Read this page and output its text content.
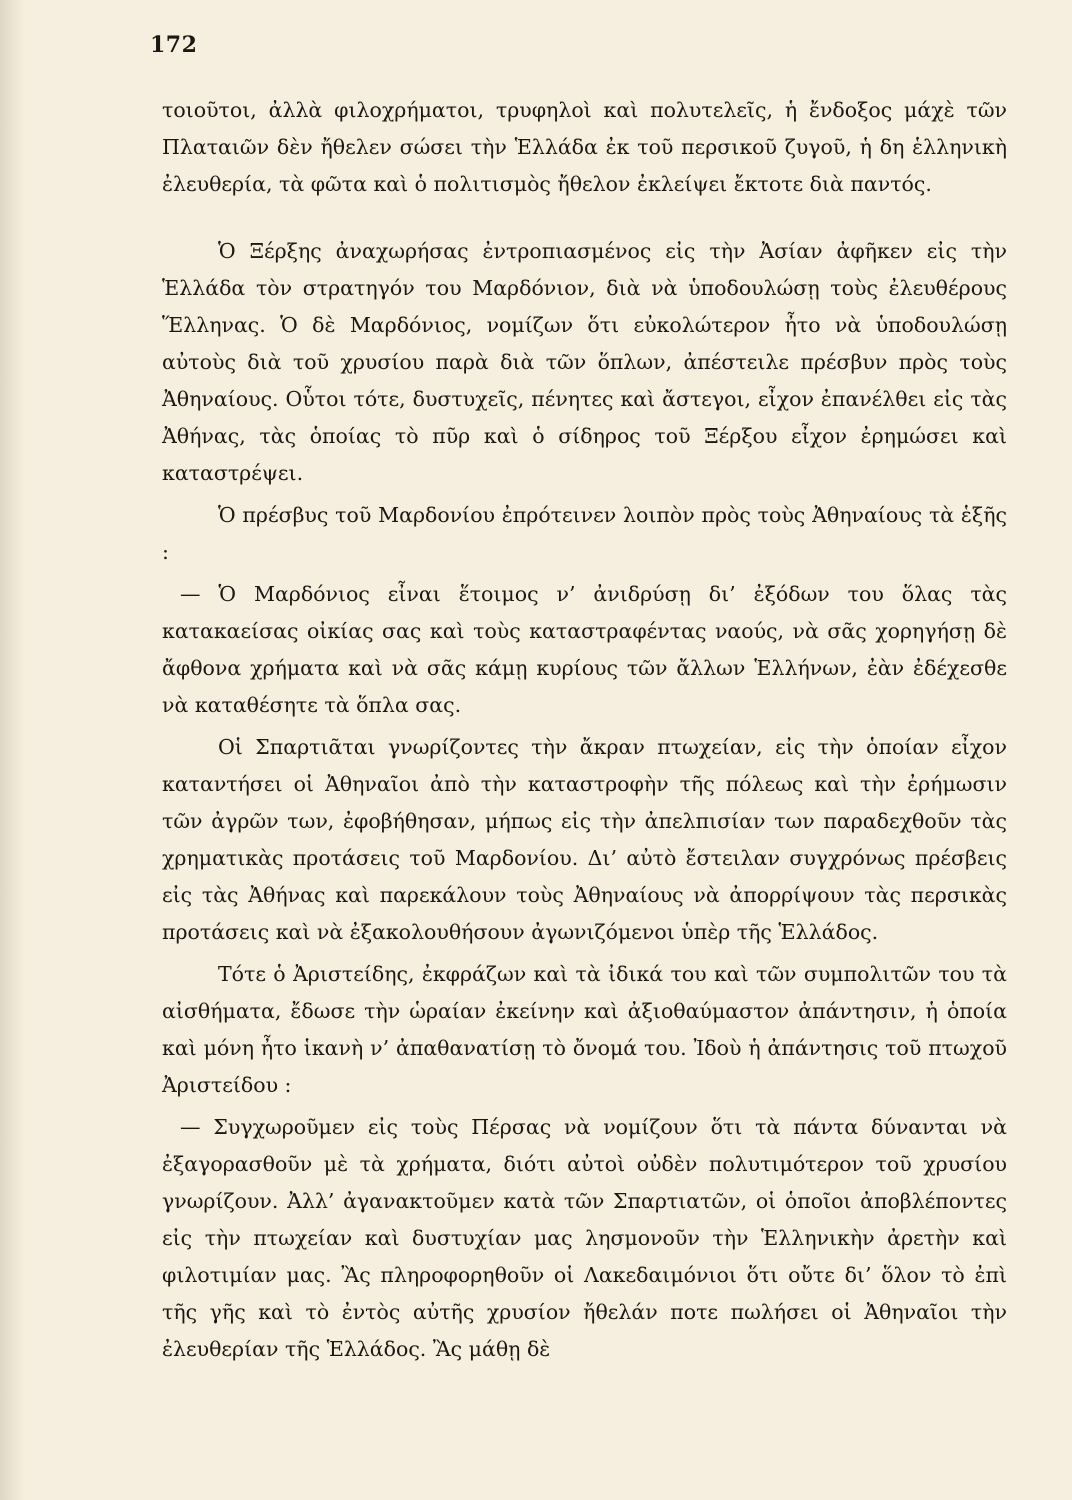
172

τοιοῦτοι, ἀλλὰ φιλοχρήματοι, τρυφηλοὶ καὶ πολυτελεῖς, ἡ ἔνδοξος μάχὲ τῶν Πλαταιῶν δὲν ἤθελεν σώσει τὴν Ἑλλάδα ἐκ τοῦ περσικοῦ ζυγοῦ, ἡ δη ἑλληνικὴ ἐλευθερία, τὰ φῶτα καὶ ὁ πολιτισμὸς ἤθελον ἐκλείψει ἔκτοτε διὰ παντός.

Ὁ Ξέρξης ἀναχωρήσας ἐντροπιασμένος εἰς τὴν Ἀσίαν ἀφῆκεν εἰς τὴν Ἑλλάδα τὸν στρατηγόν του Μαρδόνιον, διὰ νὰ ὑποδουλώσῃ τοὺς ἐλευθέρους Ἕλληνας. Ὁ δὲ Μαρδόνιος, νομίζων ὅτι εὐκολώτερον ἦτο νὰ ὑποδουλώσῃ αὐτοὺς διὰ τοῦ χρυσίου παρὰ διὰ τῶν ὅπλων, ἀπέστειλε πρέσβυν πρὸς τοὺς Ἀθηναίους. Οὗτοι τότε, δυστυχεῖς, πένητες καὶ ἄστεγοι, εἶχον ἐπανέλθει εἰς τὰς Ἀθήνας, τὰς ὁποίας τὸ πῦρ καὶ ὁ σίδηρος τοῦ Ξέρξου εἶχον ἐρημώσει καὶ καταστρέψει.

Ὁ πρέσβυς τοῦ Μαρδονίου ἐπρότεινεν λοιπὸν πρὸς τοὺς Ἀθηναίους τὰ ἑξῆς :

— Ὁ Μαρδόνιος εἶναι ἕτοιμος ν’ ἀνιδρύσῃ δι’ ἐξόδων του ὅλας τὰς κατακαείσας οἰκίας σας καὶ τοὺς καταστραφέντας ναούς, νὰ σᾶς χορηγήσῃ δὲ ἄφθονα χρήματα καὶ νὰ σᾶς κάμῃ κυρίους τῶν ἄλλων Ἑλλήνων, ἐὰν ἐδέχεσθε νὰ καταθέσητε τὰ ὅπλα σας.

Οἱ Σπαρτιᾶται γνωρίζοντες τὴν ἄκραν πτωχείαν, εἰς τὴν ὁποίαν εἶχον καταντήσει οἱ Ἀθηναῖοι ἀπὸ τὴν καταστροφὴν τῆς πόλεως καὶ τὴν ἐρήμωσιν τῶν ἀγρῶν των, ἐφοβήθησαν, μήπως εἰς τὴν ἀπελπισίαν των παραδεχθοῦν τὰς χρηματικὰς προτάσεις τοῦ Μαρδονίου. Δι’ αὐτὸ ἔστειλαν συγχρόνως πρέσβεις εἰς τὰς Ἀθήνας καὶ παρεκάλουν τοὺς Ἀθηναίους νὰ ἀπορρίψουν τὰς περσικὰς προτάσεις καὶ νὰ ἐξακολουθήσουν ἀγωνιζόμενοι ὑπὲρ τῆς Ἑλλάδος.

Τότε ὁ Ἀριστείδης, ἐκφράζων καὶ τὰ ἰδικά του καὶ τῶν συμπολιτῶν του τὰ αἰσθήματα, ἔδωσε τὴν ὡραίαν ἐκείνην καὶ ἀξιοθαύμαστον ἀπάντησιν, ἡ ὁποία καὶ μόνη ἦτο ἱκανὴ ν’ ἀπαθανατίσῃ τὸ ὄνομά του. Ἰδοὺ ἡ ἀπάντησις τοῦ πτωχοῦ Ἀριστείδου :

— Συγχωροῦμεν εἰς τοὺς Πέρσας νὰ νομίζουν ὅτι τὰ πάντα δύνανται νὰ ἐξαγορασθοῦν μὲ τὰ χρήματα, διότι αὐτοὶ οὐδὲν πολυτιμότερον τοῦ χρυσίου γνωρίζουν. Ἀλλ’ ἀγανακτοῦμεν κατὰ τῶν Σπαρτιατῶν, οἱ ὁποῖοι ἀποβλέποντες εἰς τὴν πτωχείαν καὶ δυστυχίαν μας λησμονοῦν τὴν Ἑλληνικὴν ἀρετὴν καὶ φιλοτιμίαν μας. Ἂς πληροφορηθοῦν οἱ Λακεδαιμόνιοι ὅτι οὔτε δι’ ὅλον τὸ ἐπὶ τῆς γῆς καὶ τὸ ἐντὸς αὐτῆς χρυσίον ἤθελάν ποτε πωλήσει οἱ Ἀθηναῖοι τὴν ἐλευθερίαν τῆς Ἑλλάδος. Ἂς μάθῃ δὲ
